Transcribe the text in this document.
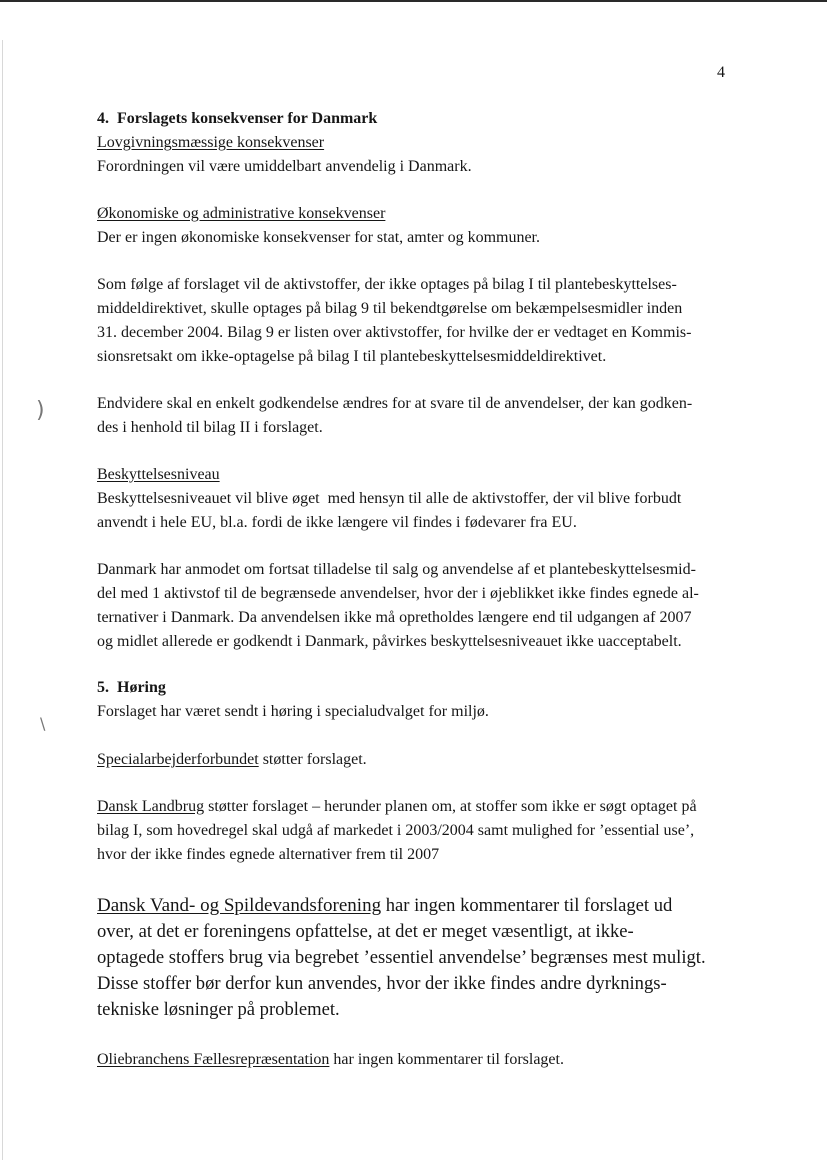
)
\
4

4.  Forslagets konsekvenser for Danmark

Lovgivningsmæssige konsekvenser

Forordningen vil være umiddelbart anvendelig i Danmark.

Økonomiske og administrative konsekvenser

Der er ingen økonomiske konsekvenser for stat, amter og kommuner.

Som følge af forslaget vil de aktivstoffer, der ikke optages på bilag I til plantebeskyttelses-

middeldirektivet, skulle optages på bilag 9 til bekendtgørelse om bekæmpelsesmidler inden

31. december 2004. Bilag 9 er listen over aktivstoffer, for hvilke der er vedtaget en Kommis-

sionsretsakt om ikke-optagelse på bilag I til plantebeskyttelsesmiddeldirektivet.

Endvidere skal en enkelt godkendelse ændres for at svare til de anvendelser, der kan godken-

des i henhold til bilag II i forslaget.

Beskyttelsesniveau

Beskyttelsesniveauet vil blive øget  med hensyn til alle de aktivstoffer, der vil blive forbudt

anvendt i hele EU, bl.a. fordi de ikke længere vil findes i fødevarer fra EU.

Danmark har anmodet om fortsat tilladelse til salg og anvendelse af et plantebeskyttelsesmid-

del med 1 aktivstof til de begrænsede anvendelser, hvor der i øjeblikket ikke findes egnede al-

ternativer i Danmark. Da anvendelsen ikke må opretholdes længere end til udgangen af 2007

og midlet allerede er godkendt i Danmark, påvirkes beskyttelsesniveauet ikke uacceptabelt.

5.  Høring

Forslaget har været sendt i høring i specialudvalget for miljø.

Specialarbejderforbundet støtter forslaget.

Dansk Landbrug støtter forslaget – herunder planen om, at stoffer som ikke er søgt optaget på

bilag I, som hovedregel skal udgå af markedet i 2003/2004 samt mulighed for ’essential use’,

hvor der ikke findes egnede alternativer frem til 2007

Dansk Vand- og Spildevandsforening har ingen kommentarer til forslaget ud

over, at det er foreningens opfattelse, at det er meget væsentligt, at ikke-

optagede stoffers brug via begrebet ’essentiel anvendelse’ begrænses mest muligt.

Disse stoffer bør derfor kun anvendes, hvor der ikke findes andre dyrknings-

tekniske løsninger på problemet.

Oliebranchens Fællesrepræsentation har ingen kommentarer til forslaget.
